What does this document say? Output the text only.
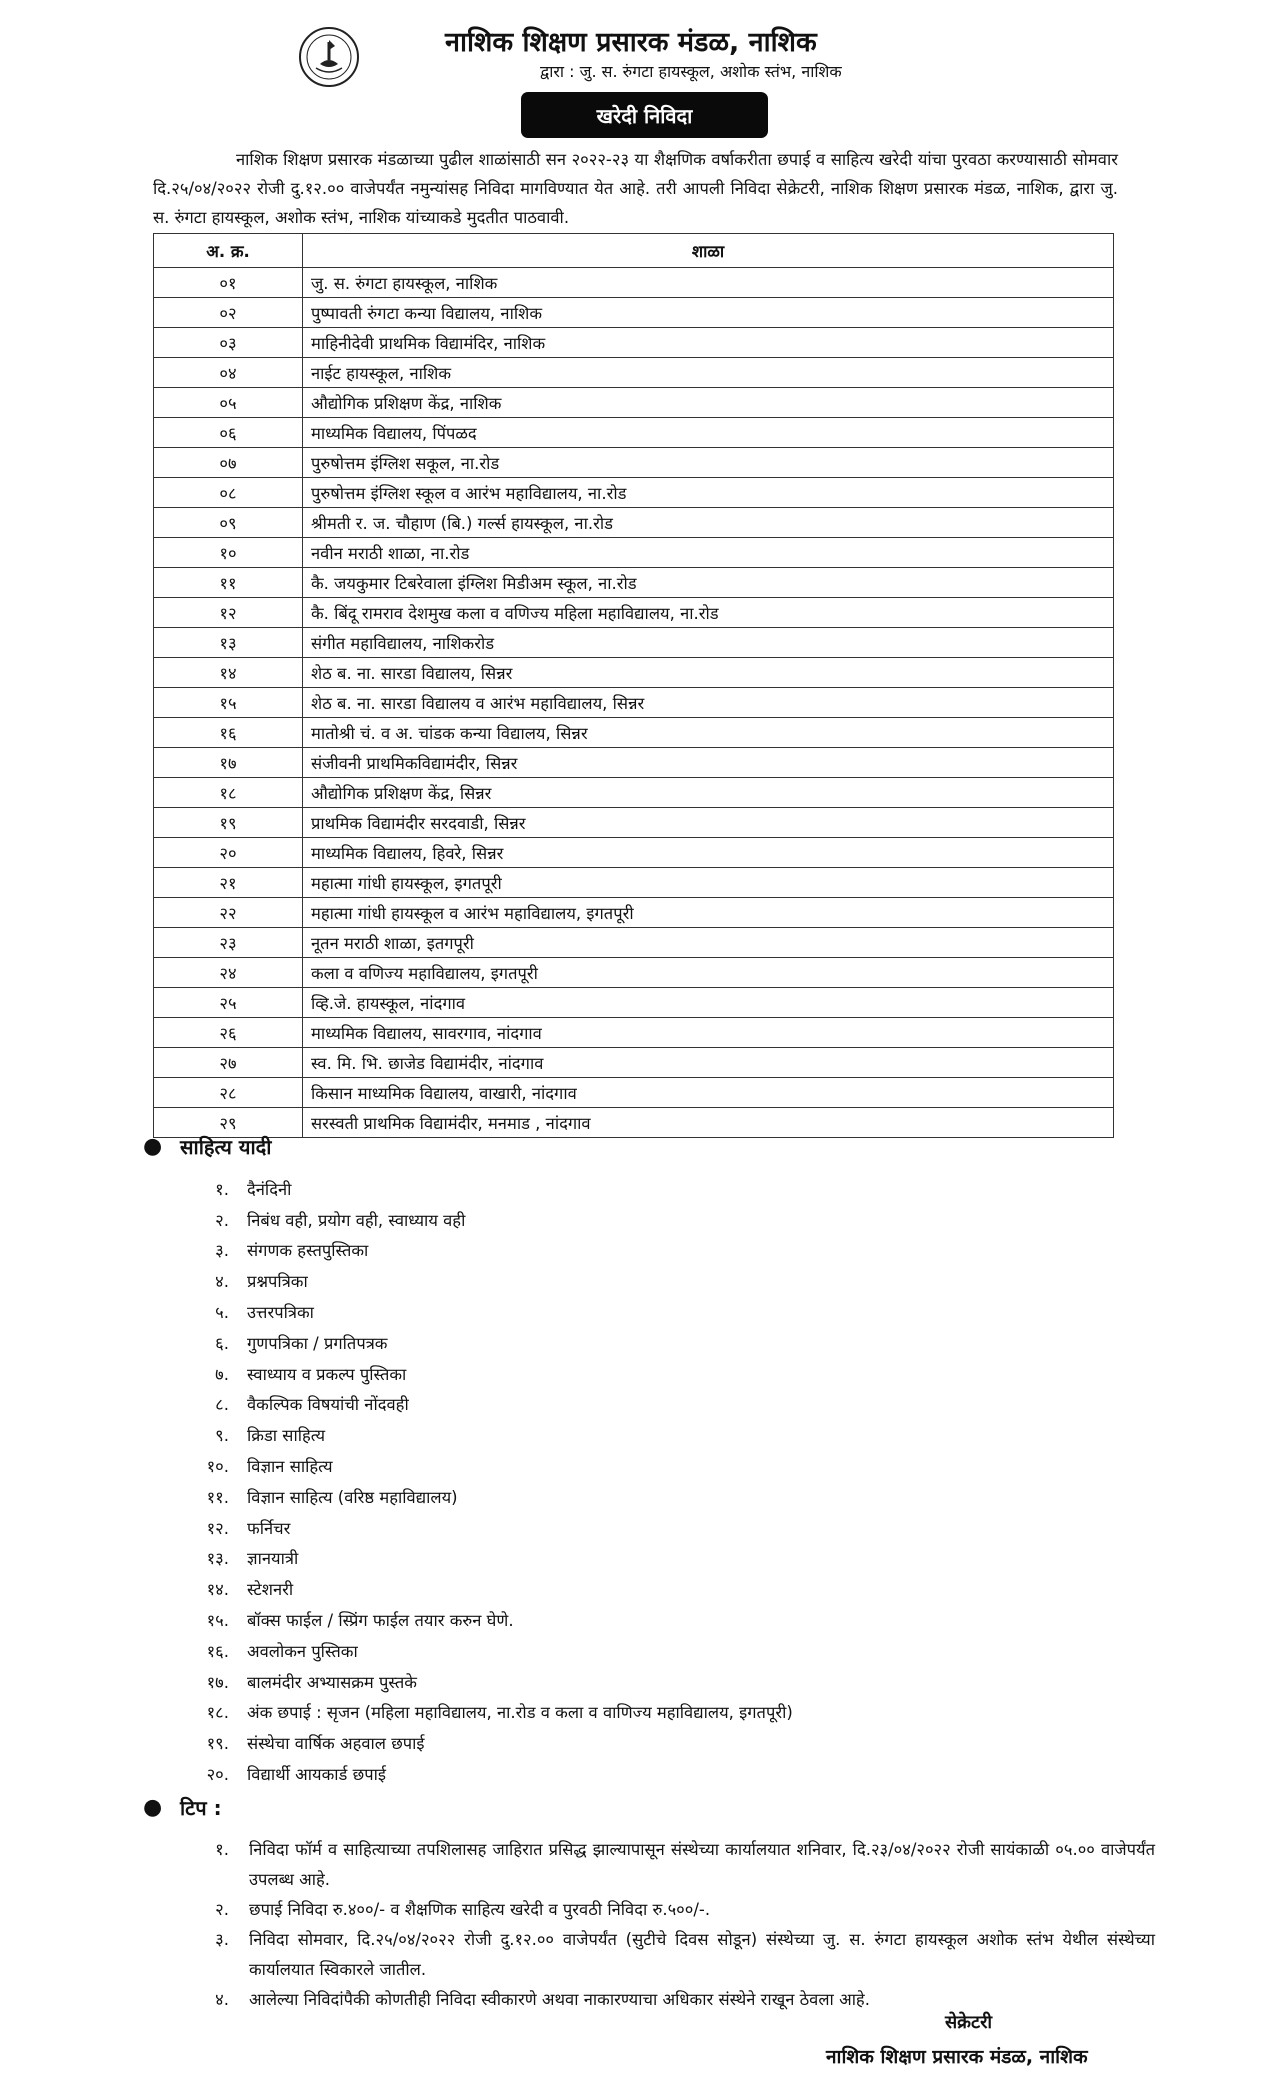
नाशिक शिक्षण प्रसारक मंडळ, नाशिक
द्वारा : जु. स. रुंगटा हायस्कूल, अशोक स्तंभ, नाशिक
खरेदी निविदा
नाशिक शिक्षण प्रसारक मंडळाच्या पुढील शाळांसाठी सन २०२२-२३ या शैक्षणिक वर्षाकरीता छपाई व साहित्य खरेदी यांचा पुरवठा करण्यासाठी सोमवार दि.२५/०४/२०२२ रोजी दु.१२.०० वाजेपर्यंत नमुन्यांसह निविदा मागविण्यात येत आहे. तरी आपली निविदा सेक्रेटरी, नाशिक शिक्षण प्रसारक मंडळ, नाशिक, द्वारा जु. स. रुंगटा हायस्कूल, अशोक स्तंभ, नाशिक यांच्याकडे मुदतीत पाठवावी.
अ. क्र.	शाळा
०१	जु. स. रुंगटा हायस्कूल, नाशिक
०२	पुष्पावती रुंगटा कन्या विद्यालय, नाशिक
०३	माहिनीदेवी प्राथमिक विद्यामंदिर, नाशिक
०४	नाईट हायस्कूल, नाशिक
०५	औद्योगिक प्रशिक्षण केंद्र, नाशिक
०६	माध्यमिक विद्यालय, पिंपळद
०७	पुरुषोत्तम इंग्लिश सकूल, ना.रोड
०८	पुरुषोत्तम इंग्लिश स्कूल व आरंभ महाविद्यालय, ना.रोड
०९	श्रीमती र. ज. चौहाण (बि.) गर्ल्स हायस्कूल, ना.रोड
१०	नवीन मराठी शाळा, ना.रोड
११	कै. जयकुमार टिबरेवाला इंग्लिश मिडीअम स्कूल, ना.रोड
१२	कै. बिंदू रामराव देशमुख कला व वणिज्य महिला महाविद्यालय, ना.रोड
१३	संगीत महाविद्यालय, नाशिकरोड
१४	शेठ ब. ना. सारडा विद्यालय, सिन्नर
१५	शेठ ब. ना. सारडा विद्यालय व आरंभ महाविद्यालय, सिन्नर
१६	मातोश्री चं. व अ. चांडक कन्या विद्यालय, सिन्नर
१७	संजीवनी प्राथमिकविद्यामंदीर, सिन्नर
१८	औद्योगिक प्रशिक्षण केंद्र, सिन्नर
१९	प्राथमिक विद्यामंदीर सरदवाडी, सिन्नर
२०	माध्यमिक विद्यालय, हिवरे, सिन्नर
२१	महात्मा गांधी हायस्कूल, इगतपूरी
२२	महात्मा गांधी हायस्कूल व आरंभ महाविद्यालय, इगतपूरी
२३	नूतन मराठी शाळा, इतगपूरी
२४	कला व वणिज्य महाविद्यालय, इगतपूरी
२५	व्हि.जे. हायस्कूल, नांदगाव
२६	माध्यमिक विद्यालय, सावरगाव, नांदगाव
२७	स्व. मि. भि. छाजेड विद्यामंदीर, नांदगाव
२८	किसान माध्यमिक विद्यालय, वाखारी, नांदगाव
२९	सरस्वती प्राथमिक विद्यामंदीर, मनमाड , नांदगाव
● साहित्य यादी
१.	दैनंदिनी
२.	निबंध वही, प्रयोग वही, स्वाध्याय वही
३.	संगणक हस्तपुस्तिका
४.	प्रश्नपत्रिका
५.	उत्तरपत्रिका
६.	गुणपत्रिका / प्रगतिपत्रक
७.	स्वाध्याय व प्रकल्प पुस्तिका
८.	वैकल्पिक विषयांची नोंदवही
९.	क्रिडा साहित्य
१०.	विज्ञान साहित्य
११.	विज्ञान साहित्य (वरिष्ठ महाविद्यालय)
१२.	फर्निचर
१३.	ज्ञानयात्री
१४.	स्टेशनरी
१५.	बॉक्स फाईल / स्प्रिंग फाईल तयार करुन घेणे.
१६.	अवलोकन पुस्तिका
१७.	बालमंदीर अभ्यासक्रम पुस्तके
१८.	अंक छपाई : सृजन (महिला महाविद्यालय, ना.रोड व कला व वाणिज्य महाविद्यालय, इगतपूरी)
१९.	संस्थेचा वार्षिक अहवाल छपाई
२०.	विद्यार्थी आयकार्ड छपाई
● टिप :
१.	निविदा फॉर्म व साहित्याच्या तपशिलासह जाहिरात प्रसिद्ध झाल्यापासून संस्थेच्या कार्यालयात शनिवार, दि.२३/०४/२०२२ रोजी सायंकाळी ०५.०० वाजेपर्यंत उपलब्ध आहे.
२.	छपाई निविदा रु.४००/- व शैक्षणिक साहित्य खरेदी व पुरवठी निविदा रु.५००/-.
३.	निविदा सोमवार, दि.२५/०४/२०२२ रोजी दु.१२.०० वाजेपर्यंत (सुटीचे दिवस सोडून) संस्थेच्या जु. स. रुंगटा हायस्कूल अशोक स्तंभ येथील संस्थेच्या कार्यालयात स्विकारले जातील.
४.	आलेल्या निविदांपैकी कोणतीही निविदा स्वीकारणे अथवा नाकारण्याचा अधिकार संस्थेने राखून ठेवला आहे.
सेक्रेटरी
नाशिक शिक्षण प्रसारक मंडळ, नाशिक
